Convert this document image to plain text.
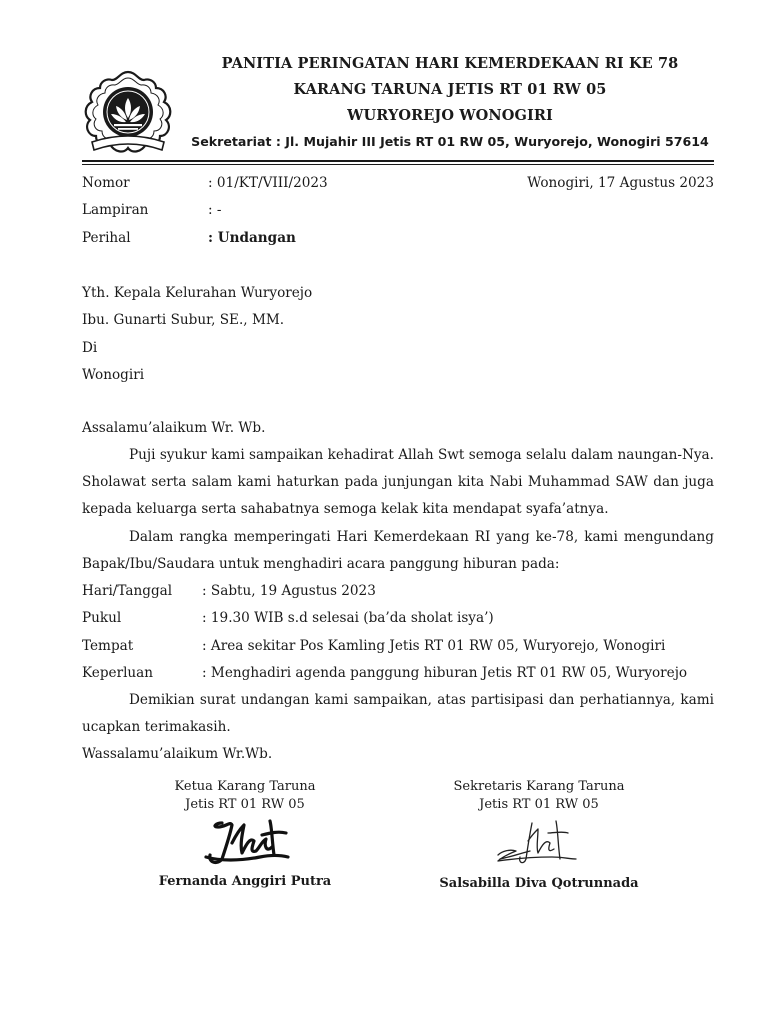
PANITIA PERINGATAN HARI KEMERDEKAAN RI KE 78
KARANG TARUNA JETIS RT 01 RW 05
WURYOREJO WONOGIRI
Sekretariat : Jl. Mujahir III Jetis RT 01 RW 05, Wuryorejo, Wonogiri 57614
Nomor	: 01/KT/VIII/2023	Wonogiri, 17 Agustus 2023
Lampiran	: -
Perihal	: Undangan
Yth. Kepala Kelurahan Wuryorejo
Ibu. Gunarti Subur, SE., MM.
Di
Wonogiri
Assalamu’alaikum Wr. Wb.
Puji syukur kami sampaikan kehadirat Allah Swt semoga selalu dalam naungan-Nya.
Sholawat serta salam kami haturkan pada junjungan kita Nabi Muhammad SAW dan juga
kepada keluarga serta sahabatnya semoga kelak kita mendapat syafa’atnya.
Dalam rangka memperingati Hari Kemerdekaan RI yang ke-78, kami mengundang
Bapak/Ibu/Saudara untuk menghadiri acara panggung hiburan pada:
Hari/Tanggal : Sabtu, 19 Agustus 2023
Pukul	: 19.30 WIB s.d selesai (ba’da sholat isya’)
Tempat	: Area sekitar Pos Kamling Jetis RT 01 RW 05, Wuryorejo, Wonogiri
Keperluan	: Menghadiri agenda panggung hiburan Jetis RT 01 RW 05, Wuryorejo
Demikian surat undangan kami sampaikan, atas partisipasi dan perhatiannya, kami
ucapkan terimakasih.
Wassalamu’alaikum Wr.Wb.
Ketua Karang Taruna
Jetis RT 01 RW 05
Fernanda Anggiri Putra
Sekretaris Karang Taruna
Jetis RT 01 RW 05
Salsabilla Diva Qotrunnada
